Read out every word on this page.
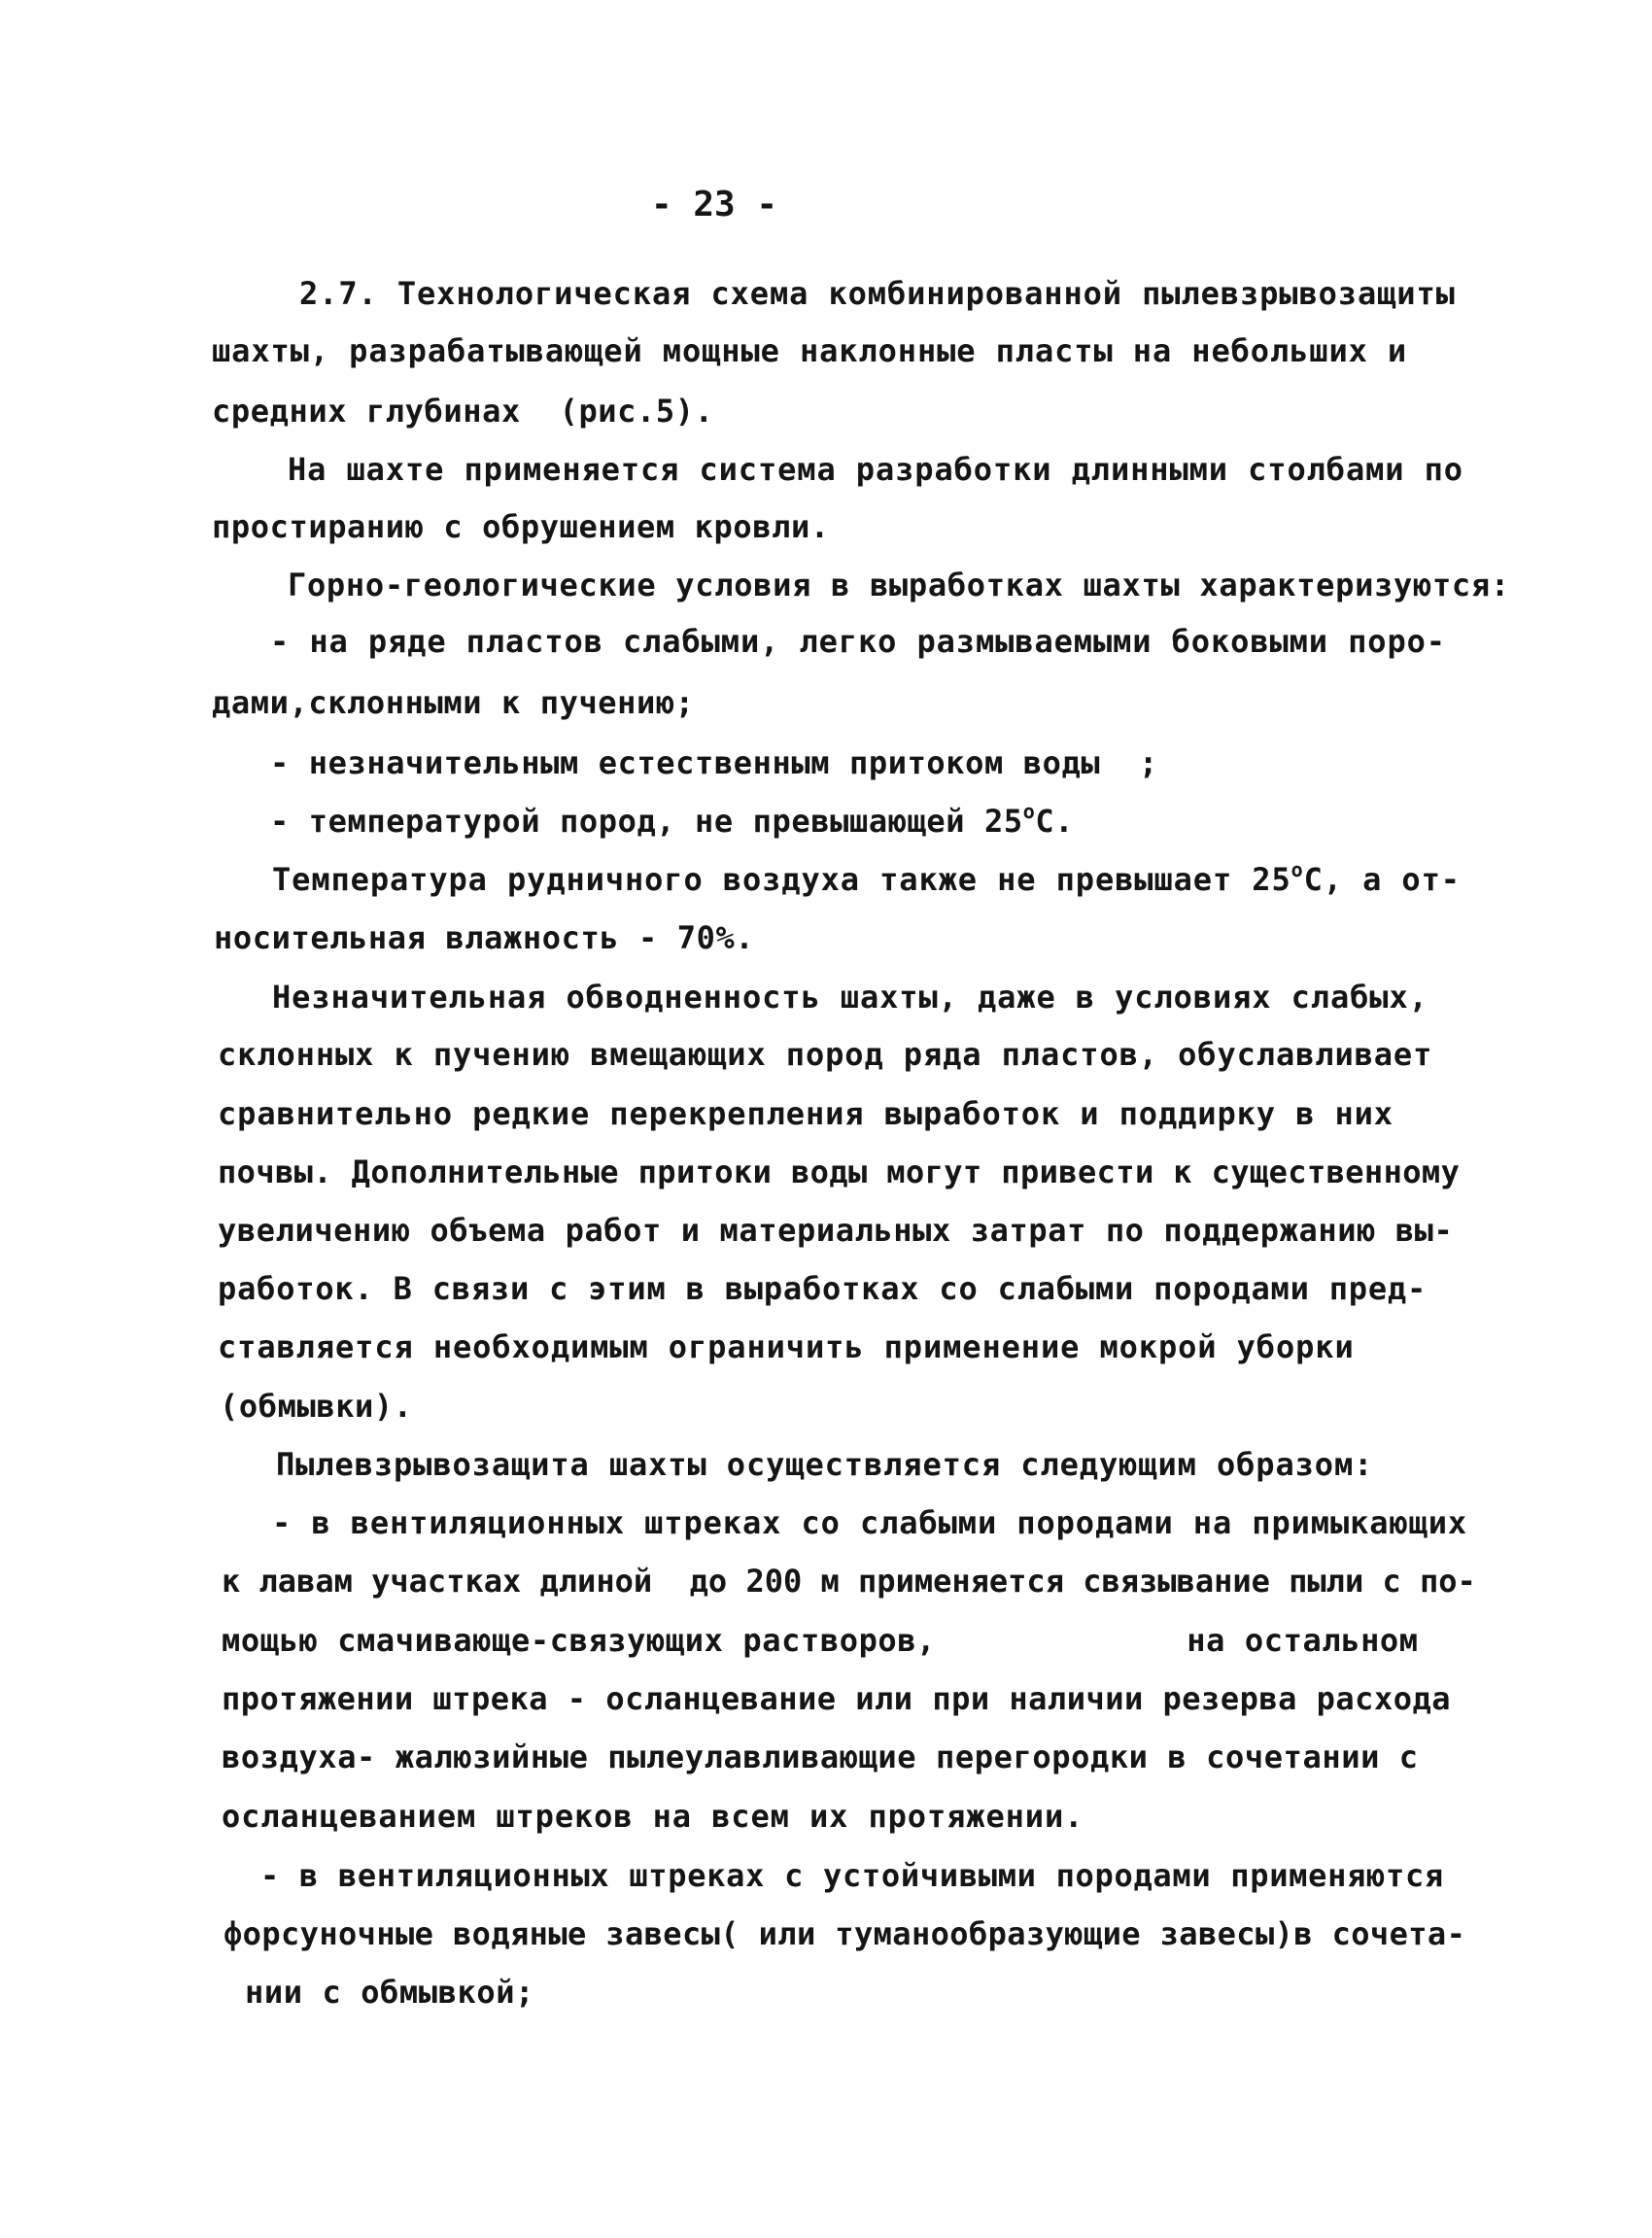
- 23 -
2.7. Технологическая схема комбинированной пылевзрывозащиты
шахты, разрабатывающей мощные наклонные пласты на небольших и
средних глубинах  (рис.5).
На шахте применяется система разработки длинными столбами по
простиранию с обрушением кровли.
Горно-геологические условия в выработках шахты характеризуются:
- на ряде пластов слабыми, легко размываемыми боковыми поро-
дами,склонными к пучению;
- незначительным естественным притоком воды  ;
- температурой пород, не превышающей 25$^o$C.
Температура рудничного воздуха также не превышает 25$^o$C, а от-
носительная влажность - 70%.
Незначительная обводненность шахты, даже в условиях слабых,
склонных к пучению вмещающих пород ряда пластов, обуславливает
сравнительно редкие перекрепления выработок и поддирку в них
почвы. Дополнительные притоки воды могут привести к существенному
увеличению объема работ и материальных затрат по поддержанию вы-
работок. В связи с этим в выработках со слабыми породами пред-
ставляется необходимым ограничить применение мокрой уборки
(обмывки).
Пылевзрывозащита шахты осуществляется следующим образом:
- в вентиляционных штреках со слабыми породами на примыкающих
к лавам участках длиной  до 200 м применяется связывание пыли с по-
мощью смачивающе-связующих растворов,             на остальном
протяжении штрека - осланцевание или при наличии резерва расхода
воздуха- жалюзийные пылеулавливающие перегородки в сочетании с
осланцеванием штреков на всем их протяжении.
- в вентиляционных штреках с устойчивыми породами применяются
форсуночные водяные завесы( или туманообразующие завесы)в сочета-
нии с обмывкой;
